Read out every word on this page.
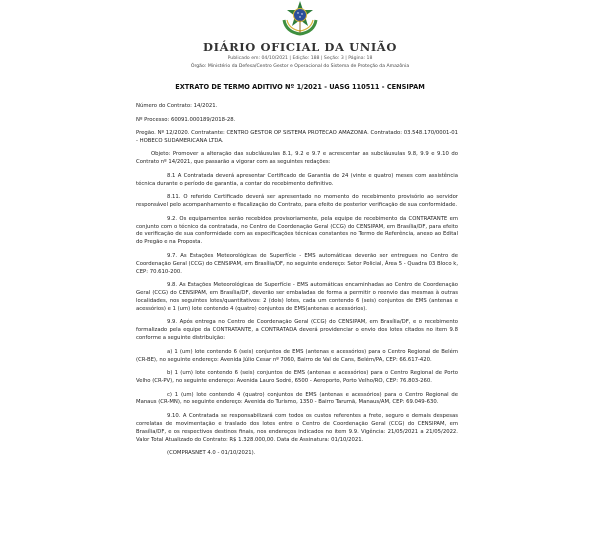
DIÁRIO OFICIAL DA UNIÃO
Publicado em: 04/10/2021 | Edição: 188 | Seção: 3 | Página: 18
Órgão: Ministério da Defesa/Centro Gestor e Operacional do Sistema de Proteção da Amazônia
EXTRATO DE TERMO ADITIVO Nº 1/2021 - UASG 110511 - CENSIPAM

Número do Contrato: 14/2021.

Nº Processo: 60091.000189/2018-28.

Pregão. Nº 12/2020. Contratante: CENTRO GESTOR OP SISTEMA PROTECAO AMAZONIA. Contratado: 03.548.170/0001-01 - HOBECO SUDAMERICANA LTDA.

Objeto: Promover a alteração das subcláusulas 8.1, 9.2 e 9.7 e acrescentar as subcláusulas 9.8, 9.9 e 9.10 do Contrato nº 14/2021, que passarão a vigorar com as seguintes redações:

8.1 A Contratada deverá apresentar Certificado de Garantia de 24 (vinte e quatro) meses com assistência técnica durante o período de garantia, a contar do recebimento definitivo.

8.11. O referido Certificado deverá ser apresentado no momento do recebimento provisório ao servidor responsável pelo acompanhamento e fiscalização do Contrato, para efeito de posterior verificação de sua conformidade.

9.2. Os equipamentos serão recebidos provisoriamente, pela equipe de recebimento da CONTRATANTE em conjunto com o técnico da contratada, no Centro de Coordenação Geral (CCG) do CENSIPAM, em Brasília/DF, para efeito de verificação de sua conformidade com as especificações técnicas constantes no Termo de Referência, anexo ao Edital do Pregão e na Proposta.

9.7. As Estações Meteorológicas de Superfície - EMS automáticas deverão ser entregues no Centro de Coordenação Geral (CCG) do CENSIPAM, em Brasília/DF, no seguinte endereço: Setor Policial, Área 5 - Quadra 03 Bloco k, CEP: 70.610-200.

9.8. As Estações Meteorológicas de Superfície - EMS automáticas encaminhadas ao Centro de Coordenação Geral (CCG) do CENSIPAM, em Brasília/DF, deverão ser embaladas de forma a permitir o reenvio das mesmas à outras localidades, nos seguintes lotes/quantitativos: 2 (dois) lotes, cada um contendo 6 (seis) conjuntos de EMS (antenas e acessórios) e 1 (um) lote contendo 4 (quatro) conjuntos de EMS(antenas e acessórios).

9.9. Após entrega no Centro de Coordenação Geral (CCG) do CENSIPAM, em Brasília/DF, e o recebimento formalizado pela equipe da CONTRATANTE, a CONTRATADA deverá providenciar o envio dos lotes citados no item 9.8 conforme a seguinte distribuição:

a) 1 (um) lote contendo 6 (seis) conjuntos de EMS (antenas e acessórios) para o Centro Regional de Belém (CR-BE), no seguinte endereço: Avenida Júlio Cesar nº 7060, Bairro de Val de Cans, Belém/PA, CEP: 66.617-420.

b) 1 (um) lote contendo 6 (seis) conjuntos de EMS (antenas e acessórios) para o Centro Regional de Porto Velho (CR-PV), no seguinte endereço: Avenida Lauro Sodré, 6500 - Aeroporto, Porto Velho/RO, CEP: 76.803-260.

c) 1 (um) lote contendo 4 (quatro) conjuntos de EMS (antenas e acessórios) para o Centro Regional de Manaus (CR-MN), no seguinte endereço: Avenida do Turismo, 1350 - Bairro Tarumã, Manaus/AM, CEP: 69.049-630.

9.10. A Contratada se responsabilizará com todos os custos referentes a frete, seguro e demais despesas correlatas de movimentação e traslado dos lotes entre o Centro de Coordenação Geral (CCG) do CENSIPAM, em Brasília/DF, e os respectivos destinos finais, nos endereços indicados no item 9.9. Vigência: 21/05/2021 a 21/05/2022. Valor Total Atualizado do Contrato: R$ 1.328.000,00. Data de Assinatura: 01/10/2021.

(COMPRASNET 4.0 - 01/10/2021).
